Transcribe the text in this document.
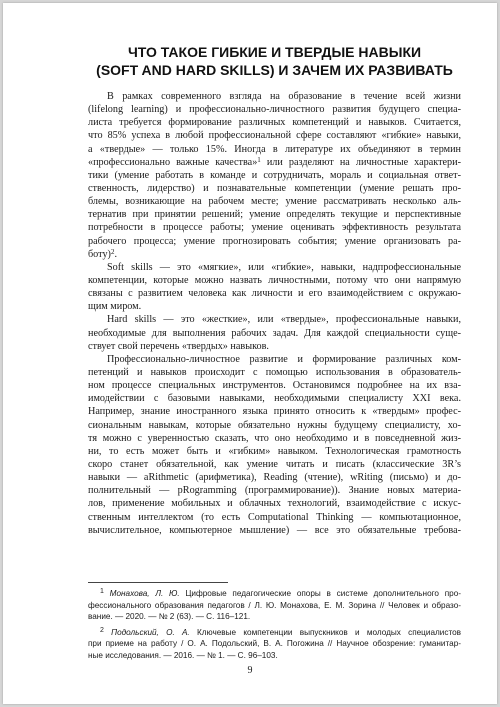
ЧТО ТАКОЕ ГИБКИЕ И ТВЕРДЫЕ НАВЫКИ
(SOFT AND HARD SKILLS) И ЗАЧЕМ ИХ РАЗВИВАТЬ
В рамках современного взгляда на образование в течение всей жизни
(lifelong learning) и профессионально-личностного развития будущего специа-
листа требуется формирование различных компетенций и навыков. Считается,
что 85% успеха в любой профессиональной сфере составляют «гибкие» навыки,
а «твердые» — только 15%. Иногда в литературе их объединяют в термин
«профессионально важные качества»$^1$ или разделяют на личностные характери-
тики (умение работать в команде и сотрудничать, мораль и социальная ответ-
ственность, лидерство) и познавательные компетенции (умение решать про-
блемы, возникающие на рабочем месте; умение рассматривать несколько аль-
тернатив при принятии решений; умение определять текущие и перспективные
потребности в процессе работы; умение оценивать эффективность результата
рабочего процесса; умение прогнозировать события; умение организовать ра-
боту)$^2$.
Soft skills — это «мягкие», или «гибкие», навыки, надпрофессиональные
компетенции, которые можно назвать личностными, потому что они напрямую
связаны с развитием человека как личности и его взаимодействием с окружаю-
щим миром.
Hard skills — это «жесткие», или «твердые», профессиональные навыки,
необходимые для выполнения рабочих задач. Для каждой специальности суще-
ствует свой перечень «твердых» навыков.
Профессионально-личностное развитие и формирование различных ком-
петенций и навыков происходит с помощью использования в образователь-
ном процессе специальных инструментов. Остановимся подробнее на их вза-
имодействии с базовыми навыками, необходимыми специалисту XXI века.
Например, знание иностранного языка принято относить к «твердым» профес-
сиональным навыкам, которые обязательно нужны будущему специалисту, хо-
тя можно с уверенностью сказать, что оно необходимо и в повседневной жиз-
ни, то есть может быть и «гибким» навыком. Технологическая грамотность
скоро станет обязательной, как умение читать и писать (классические 3R’s
навыки — aRithmetic (арифметика), Reading (чтение), wRiting (письмо) и до-
полнительный — pRogramming (программирование)). Знание новых материа-
лов, применение мобильных и облачных технологий, взаимодействие с искус-
ственным интеллектом (то есть Computational Thinking — компьютационное,
вычислительное, компьютерное мышление) — все это обязательные требова-
$^1$ Монахова, Л. Ю. Цифровые педагогические опоры в системе дополнительного про-
фессионального образования педагогов / Л. Ю. Монахова, Е. М. Зорина // Человек и образо-
вание. — 2020. — № 2 (63). — С. 116–121.
$^2$ Подольский, О. А. Ключевые компетенции выпускников и молодых специалистов
при приеме на работу / О. А. Подольский, В. А. Погожина // Научное обозрение: гуманитар-
ные исследования. — 2016. — № 1. — С. 96–103.
9
